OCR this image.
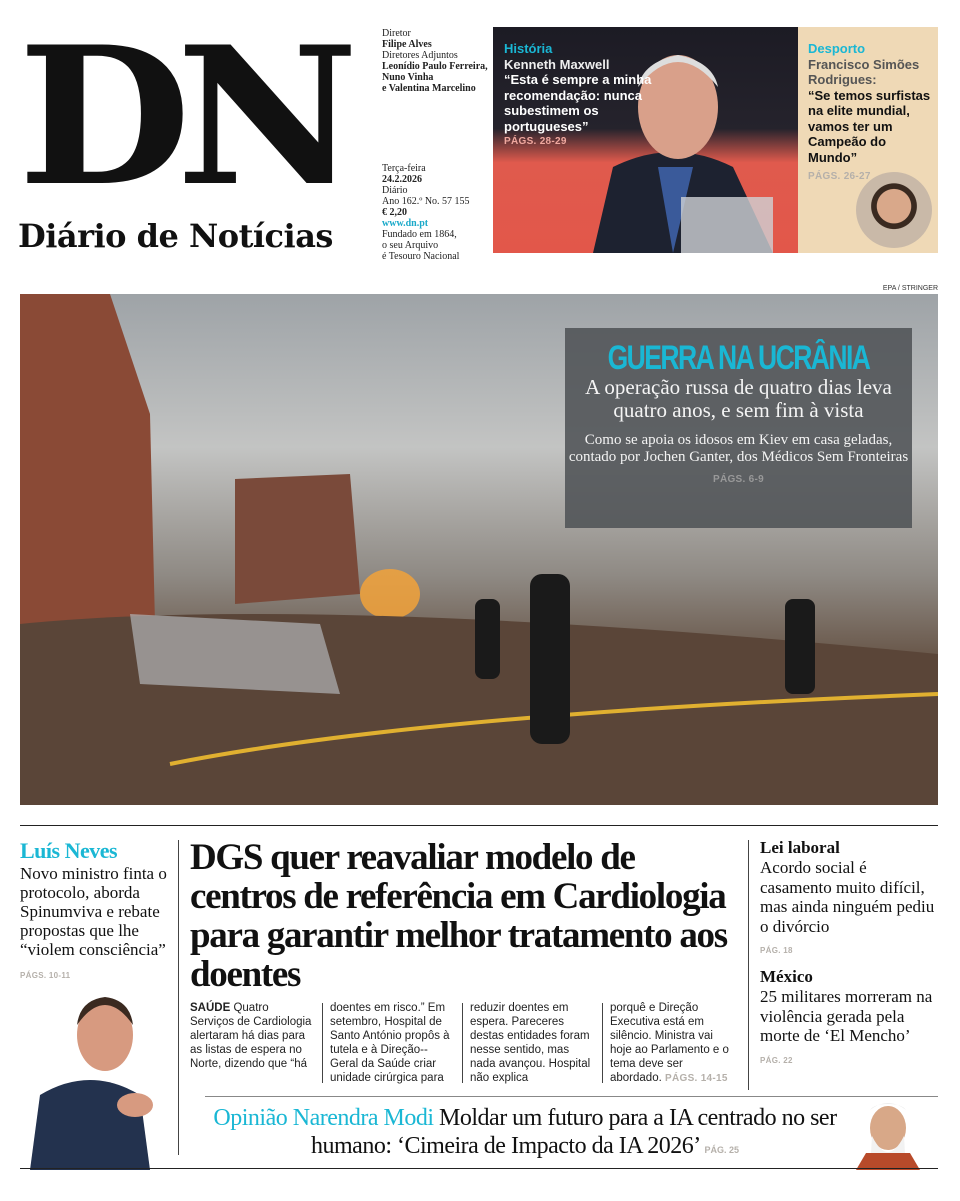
DN
Diário de Notícias
Diretor
Filipe Alves
Diretores Adjuntos
Leonídio Paulo Ferreira,
Nuno Vinha
e Valentina Marcelino
Terça-feira
24.2.2026
Diário
Ano 162.º No. 57 155
€ 2,20
www.dn.pt
Fundado em 1864,
o seu Arquivo
é Tesouro Nacional
História
Kenneth Maxwell
“Esta é sempre a minha recomendação: nunca subestimem os portugueses”
PÁGS. 28-29
Desporto
Francisco Simões Rodrigues:
“Se temos surfistas na elite mundial, vamos ter um Campeão do Mundo”
PÁGS. 26-27
EPA / STRINGER
GUERRA NA UCRÂNIA
A operação russa de quatro dias leva quatro anos, e sem fim à vista
Como se apoia os idosos em Kiev em casa geladas, contado por Jochen Ganter, dos Médicos Sem Fronteiras
PÁGS. 6-9
Luís Neves
Novo ministro finta o protocolo, aborda Spinumviva e rebate propostas que lhe “violem consciência”
PÁGS. 10-11
DGS quer reavaliar modelo de centros de referência em Cardiologia para garantir melhor tratamento aos doentes
SAÚDE Quatro Serviços de Cardiologia alertaram há dias para as listas de espera no Norte, dizendo que “há
doentes em risco.” Em setembro, Hospital de Santo António propôs à tutela e à Direção--Geral da Saúde criar unidade cirúrgica para
reduzir doentes em espera. Pareceres destas entidades foram nesse sentido, mas nada avançou. Hospital não explica
porquê e Direção Executiva está em silêncio. Ministra vai hoje ao Parlamento e o tema deve ser abordado. PÁGS. 14-15
Lei laboral
Acordo social é casamento muito difícil, mas ainda ninguém pediu o divórcio
PÁG. 18
México
25 militares morreram na violência gerada pela morte de ‘El Mencho’
PÁG. 22
Opinião Narendra Modi Moldar um futuro para a IA centrado no ser humano: ‘Cimeira de Impacto da IA 2026’ PÁG. 25
